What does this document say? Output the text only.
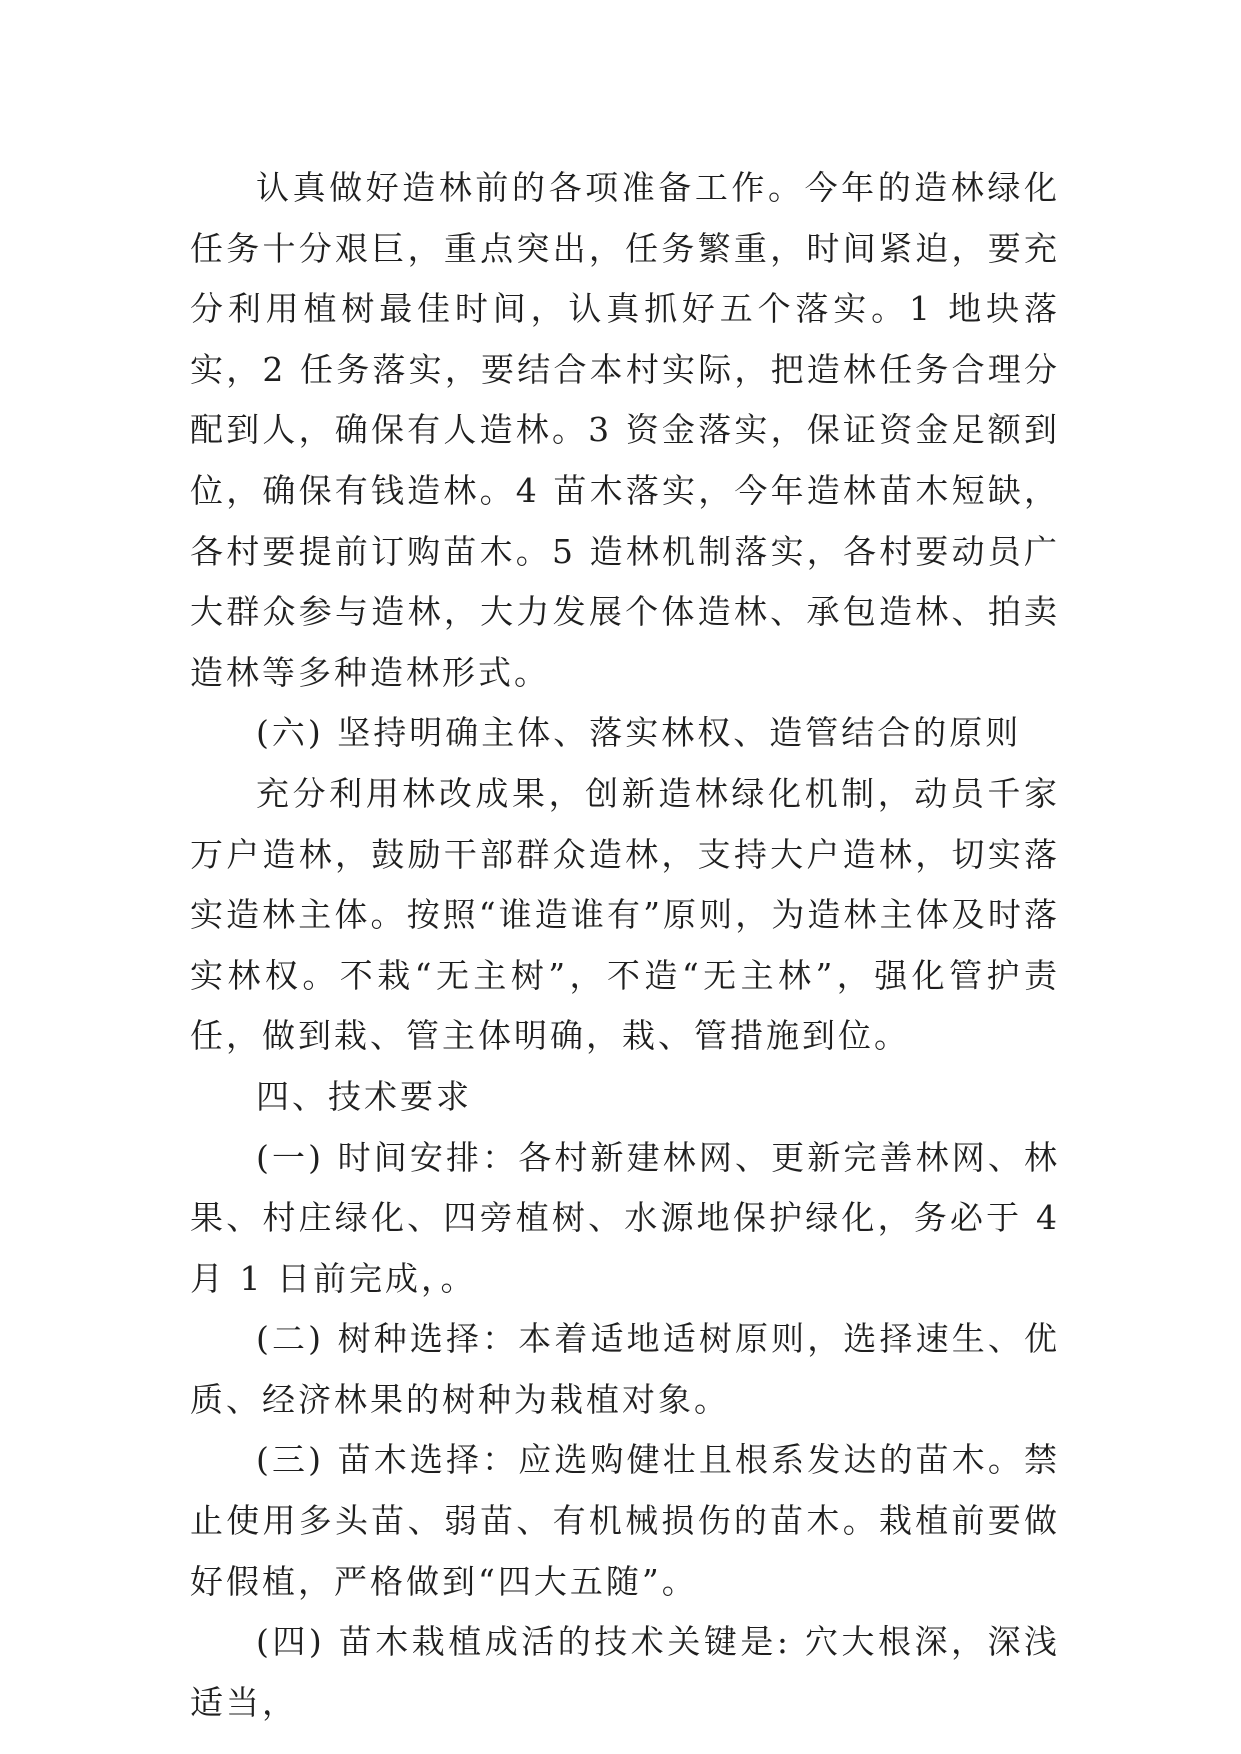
认真做好造林前的各项准备工作。今年的造林绿化任务十分艰巨，重点突出，任务繁重，时间紧迫，要充分利用植树最佳时间，认真抓好五个落实。1 地块落实，2 任务落实，要结合本村实际，把造林任务合理分配到人，确保有人造林。3 资金落实，保证资金足额到位，确保有钱造林。4 苗木落实，今年造林苗木短缺，各村要提前订购苗木。5 造林机制落实，各村要动员广大群众参与造林，大力发展个体造林、承包造林、拍卖造林等多种造林形式。

(六) 坚持明确主体、落实林权、造管结合的原则

充分利用林改成果，创新造林绿化机制，动员千家万户造林，鼓励干部群众造林，支持大户造林，切实落实造林主体。按照“谁造谁有”原则，为造林主体及时落实林权。不栽“无主树”，不造“无主林”，强化管护责任，做到栽、管主体明确，栽、管措施到位。

四、技术要求

(一) 时间安排：各村新建林网、更新完善林网、林果、村庄绿化、四旁植树、水源地保护绿化，务必于 4 月 1 日前完成，。

(二) 树种选择：本着适地适树原则，选择速生、优质、经济林果的树种为栽植对象。

(三) 苗木选择：应选购健壮且根系发达的苗木。禁止使用多头苗、弱苗、有机械损伤的苗木。栽植前要做好假植，严格做到“四大五随”。

(四) 苗木栽植成活的技术关键是: 穴大根深，深浅适当，
